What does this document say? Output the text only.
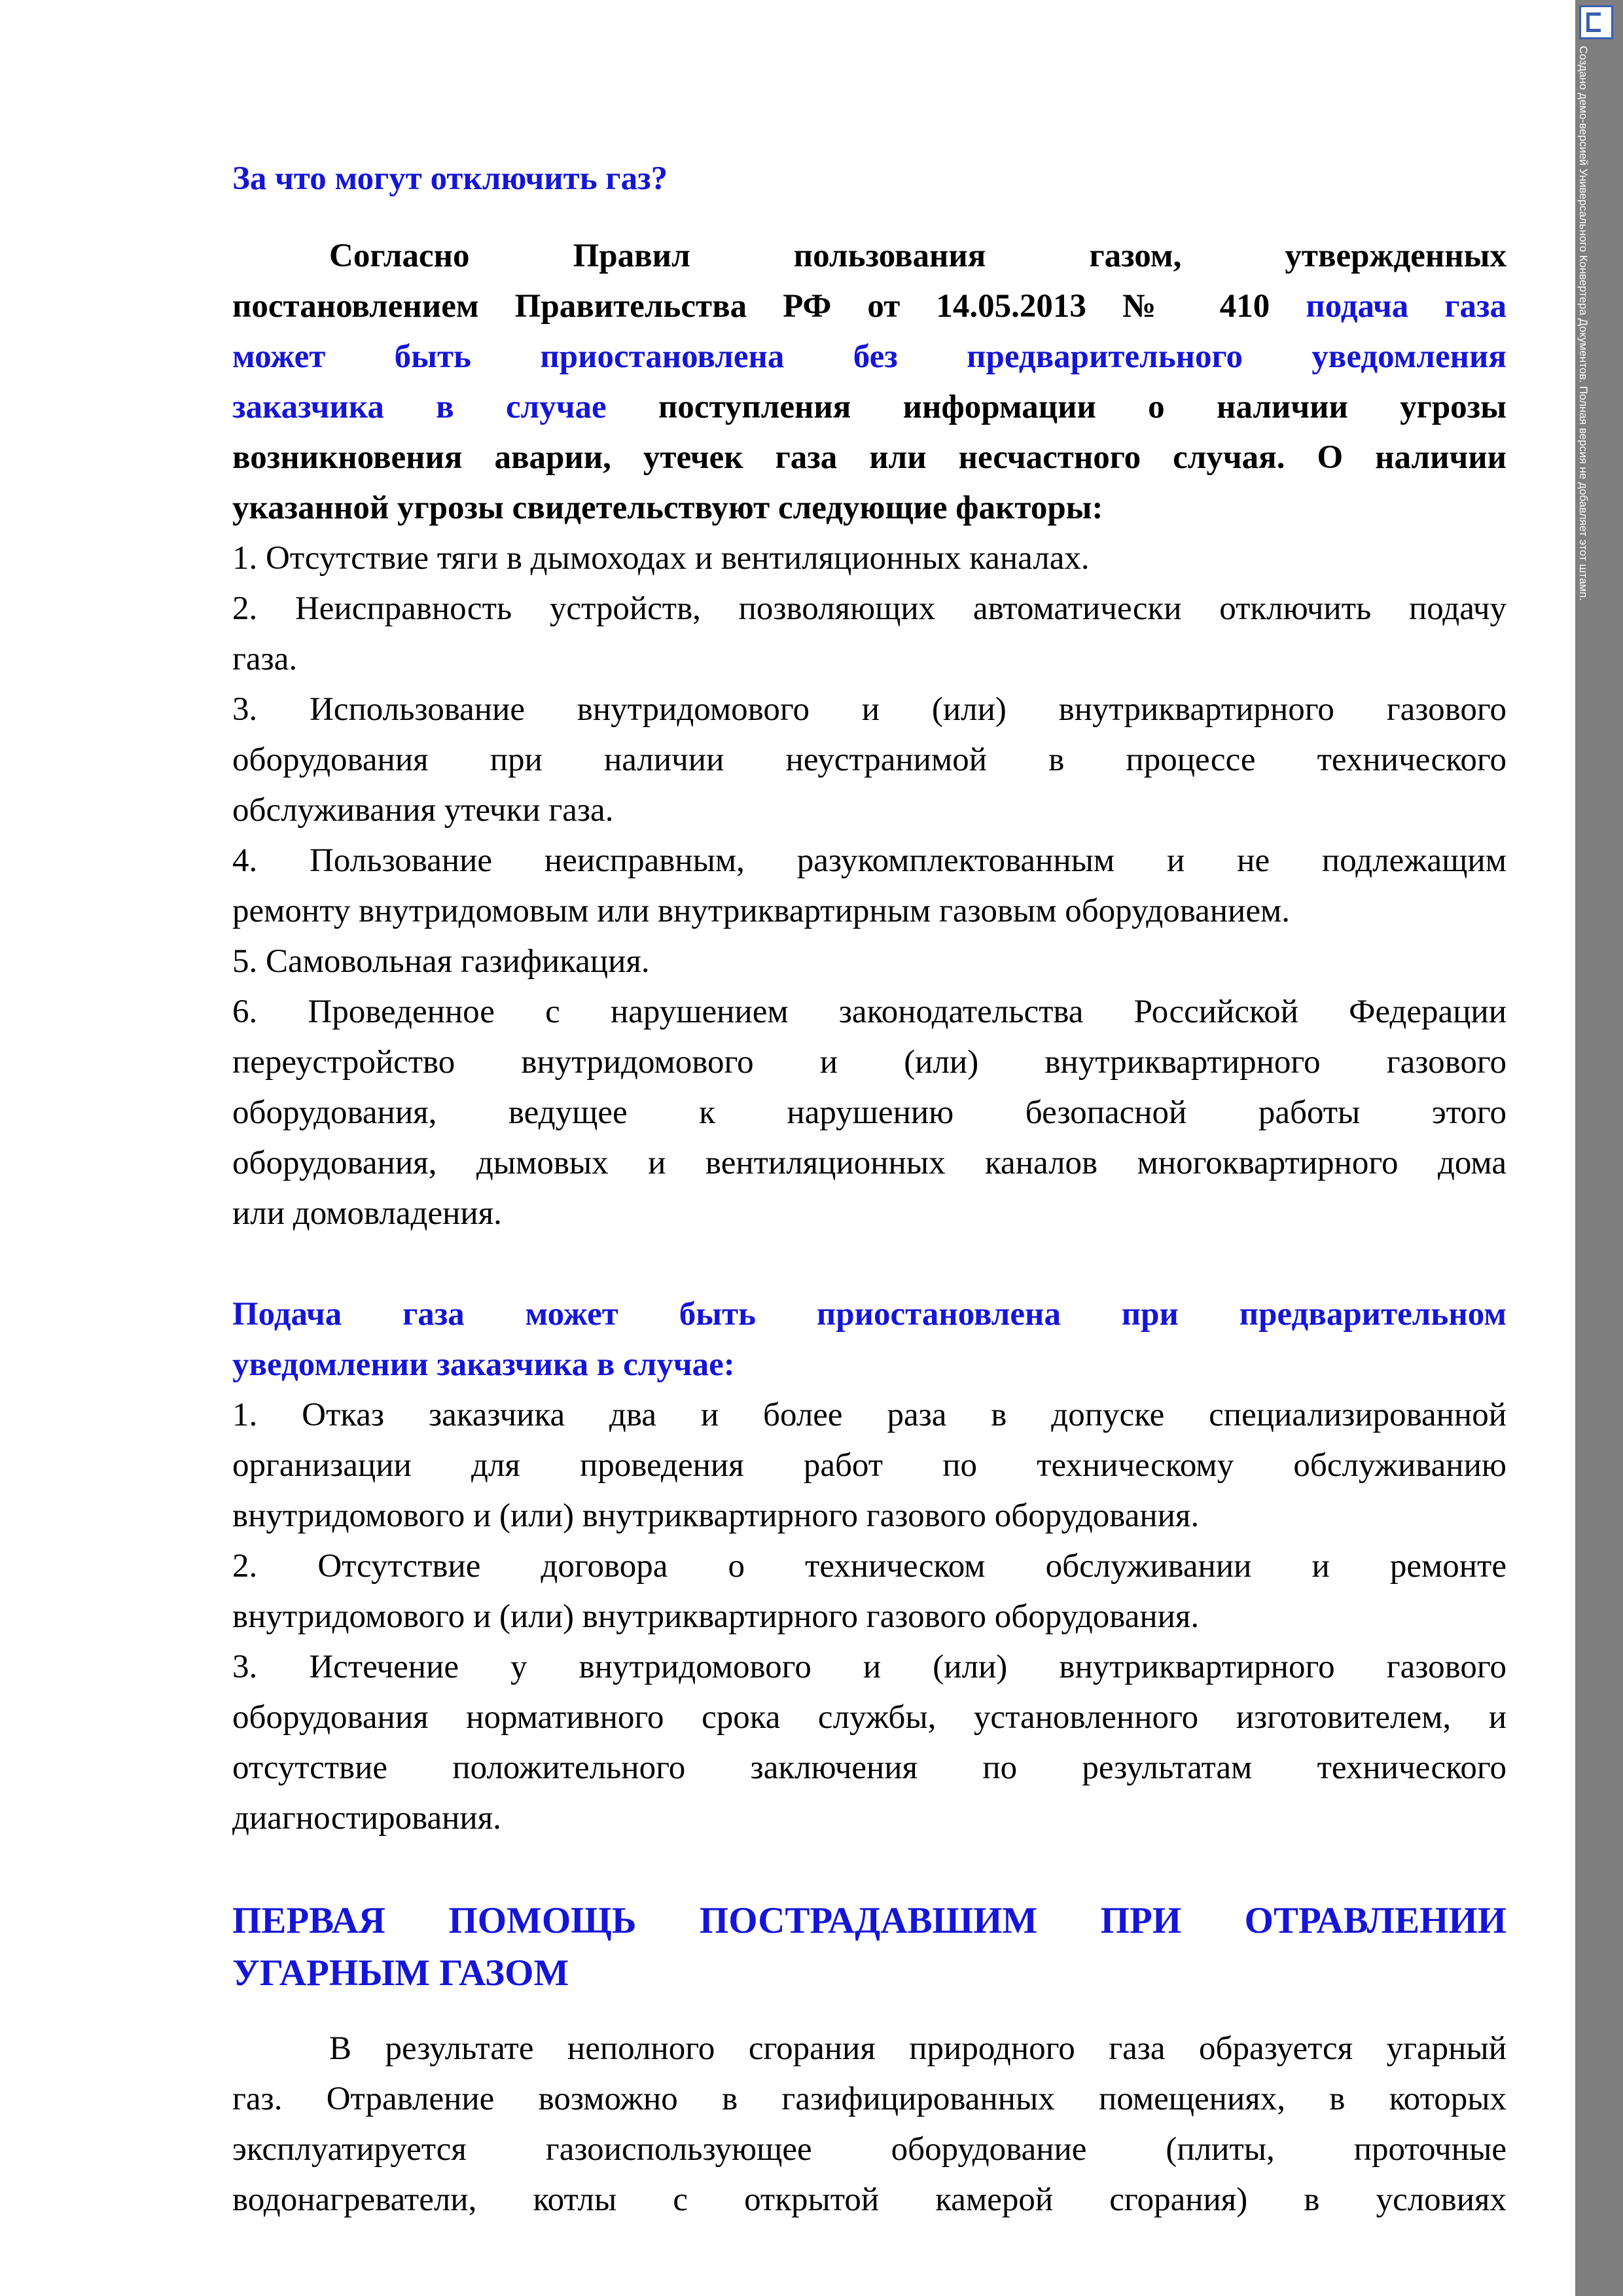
За что могут отключить газ?
Согласно Правил пользования газом, утвержденных
постановлением Правительства РФ от 14.05.2013 № 410 подача газа
может быть приостановлена без предварительного уведомления
заказчика в случае поступления информации о наличии угрозы
возникновения аварии, утечек газа или несчастного случая. О наличии
указанной угрозы свидетельствуют следующие факторы:
1. Отсутствие тяги в дымоходах и вентиляционных каналах.
2. Неисправность устройств, позволяющих автоматически отключить подачу
газа.
3. Использование внутридомового и (или) внутриквартирного газового
оборудования при наличии неустранимой в процессе технического
обслуживания утечки газа.
4. Пользование неисправным, разукомплектованным и не подлежащим
ремонту внутридомовым или внутриквартирным газовым оборудованием.
5. Самовольная газификация.
6. Проведенное с нарушением законодательства Российской Федерации
переустройство внутридомового и (или) внутриквартирного газового
оборудования, ведущее к нарушению безопасной работы этого
оборудования, дымовых и вентиляционных каналов многоквартирного дома
или домовладения.
Подача газа может быть приостановлена при предварительном
уведомлении заказчика в случае:
1. Отказ заказчика два и более раза в допуске специализированной
организации для проведения работ по техническому обслуживанию
внутридомового и (или) внутриквартирного газового оборудования.
2. Отсутствие договора о техническом обслуживании и ремонте
внутридомового и (или) внутриквартирного газового оборудования.
3. Истечение у внутридомового и (или) внутриквартирного газового
оборудования нормативного срока службы, установленного изготовителем, и
отсутствие положительного заключения по результатам технического
диагностирования.
ПЕРВАЯ ПОМОЩЬ ПОСТРАДАВШИМ ПРИ ОТРАВЛЕНИИ
УГАРНЫМ ГАЗОМ
В результате неполного сгорания природного газа образуется угарный
газ. Отравление возможно в газифицированных помещениях, в которых
эксплуатируется газоиспользующее оборудование (плиты, проточные
водонагреватели, котлы с открытой камерой сгорания) в условиях
Создано демо-версией Универсального Конвертера Документов. Полная версия не добавляет этот штамп.
WWW.PRINT-DRIVER.RU
